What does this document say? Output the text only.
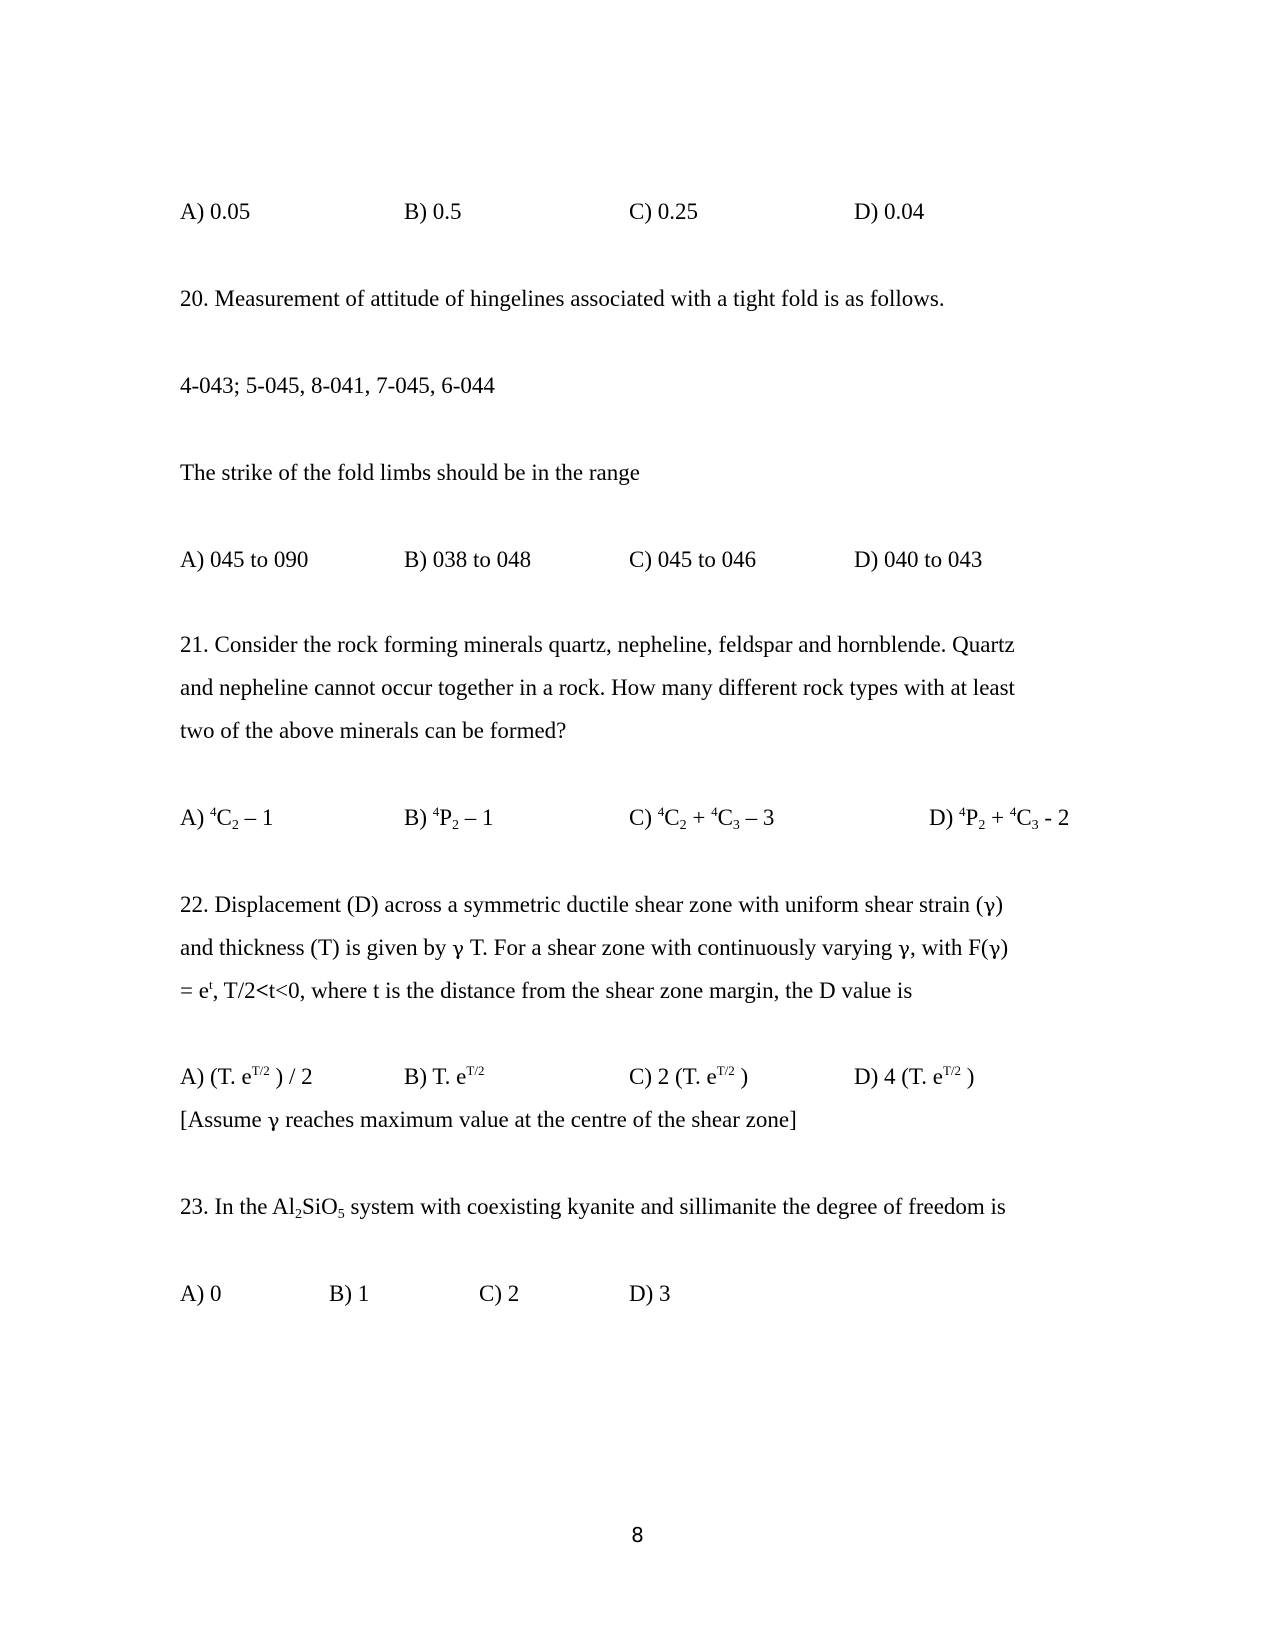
A) 0.05	B) 0.5	C) 0.25	D) 0.04
20. Measurement of attitude of hingelines associated with a tight fold is as follows.
4-043; 5-045, 8-041, 7-045, 6-044
The strike of the fold limbs should be in the range
A) 045 to 090	B) 038 to 048	C) 045 to 046	D) 040 to 043
21. Consider the rock forming minerals quartz, nepheline, feldspar and hornblende. Quartz
and nepheline cannot occur together in a rock. How many different rock types with at least
two of the above minerals can be formed?
A) $^4C_2 - 1$	B) $^4P_2 - 1$	C) $^4C_2 + ^4C_3 - 3$	D) $^4P_2 + ^4C_3 - 2$
22. Displacement (D) across a symmetric ductile shear zone with uniform shear strain (γ)
and thickness (T) is given by γ T. For a shear zone with continuously varying γ, with F(γ)
= $e^t$, T/2<t<0, where t is the distance from the shear zone margin, the D value is
A) (T. $e^{T/2}$ ) / 2	B) T. $e^{T/2}$	C) 2 (T. $e^{T/2}$ )	D) 4 (T. $e^{T/2}$ )
[Assume γ reaches maximum value at the centre of the shear zone]
23. In the $Al_2SiO_5$ system with coexisting kyanite and sillimanite the degree of freedom is
A) 0	B) 1	C) 2	D) 3
8
